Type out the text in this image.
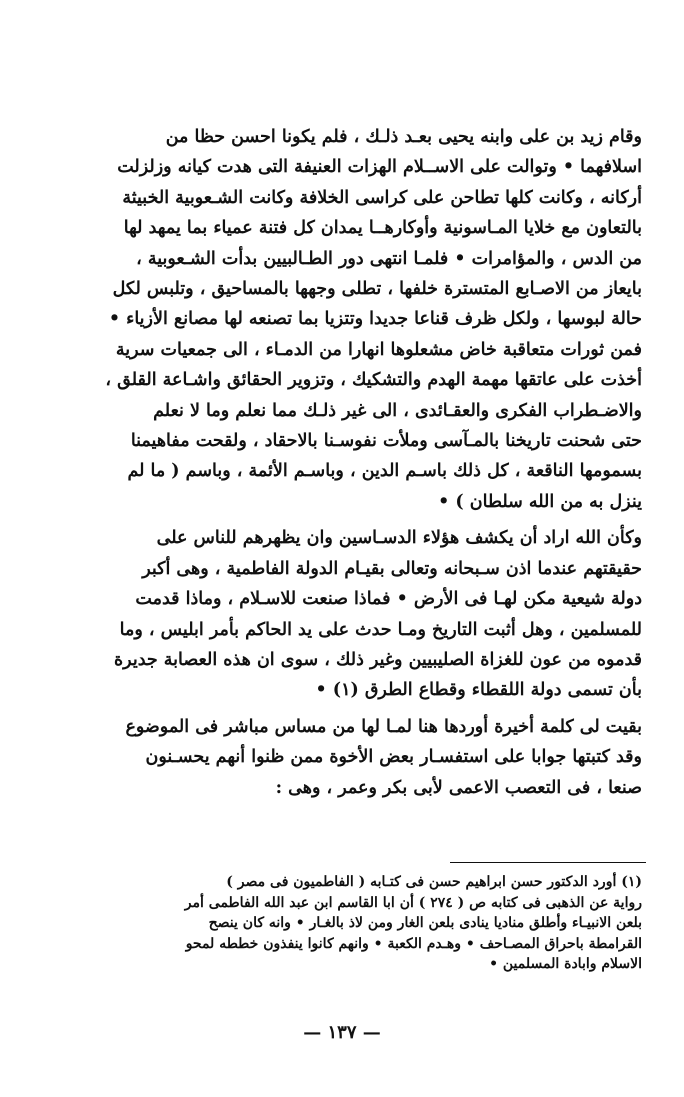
وقام زيد بن على وابنه يحيى بعـد ذلـك ، فلم يكونا احسن حظا من

اسلافهما • وتوالت على الاســلام الهزات العنيفة التى هدت كيانه وزلزلت

أركانه ، وكانت كلها تطاحن على كراسى الخلافة وكانت الشـعوبية الخبيثة

بالتعاون مع خلايا المـاسونية وأوكارهــا يمدان كل فتنة عمياء بما يمهد لها

من الدس ، والمؤامرات • فلمـا انتهى دور الطـالبيين بدأت الشـعوبية ،

بايعاز من الاصـابع المتسترة خلفها ، تطلى وجهها بالمساحيق ، وتلبس لكل

حالة لبوسها ، ولكل ظرف قناعا جديدا وتتزيا بما تصنعه لها مصانع الأزياء •

فمن ثورات متعاقبة خاض مشعلوها انهارا من الدمـاء ، الى جمعيات سرية

أخذت على عاتقها مهمة الهدم والتشكيك ، وتزوير الحقائق واشـاعة القلق ،

والاضـطراب الفكرى والعقـائدى ، الى غير ذلـك مما نعلم وما لا نعلم

حتى شحنت تاريخنا بالمـآسى وملأت نفوسـنا بالاحقاد ، ولقحت مفاهيمنا

بسمومها الناقعة ، كل ذلك باسـم الدين ، وباسـم الأئمة ، وباسم ( ما لم

ينزل به من الله سلطان ) •

وكأن الله اراد أن يكشف هؤلاء الدسـاسين وان يظهرهم للناس على

حقيقتهم عندما اذن سـبحانه وتعالى بقيـام الدولة الفاطمية ، وهى أكبر

دولة شيعية مكن لهـا فى الأرض • فماذا صنعت للاسـلام ، وماذا قدمت

للمسلمين ، وهل أثبت التاريخ ومـا حدث على يد الحاكم بأمر ابليس ، وما

قدموه من عون للغزاة الصليبيين وغير ذلك ، سوى ان هذه العصابة جديرة

بأن تسمى دولة اللقطاء وقطاع الطرق (١) •

بقيت لى كلمة أخيرة أوردها هنا لمـا لها من مساس مباشر فى الموضوع

وقد كتبتها جوابا على استفسـار بعض الأخوة ممن ظنوا أنهم يحسـنون

صنعا ، فى التعصب الاعمى لأبى بكر وعمر ، وهى :

(١) أورد الدكتور حسن ابراهيم حسن فى كتـابه ( الفاطميون فى مصر )

رواية عن الذهبى فى كتابه ص ( ٢٧٤ ) أن ابا القاسم ابن عبد الله الفاطمى أمر

بلعن الانبيـاء وأطلق مناديا ينادى بلعن الغار ومن لاذ بالغـار • وانه كان ينصح

القرامطة باحراق المصـاحف • وهـدم الكعبة • وانهم كانوا ينفذون خططه لمحو

الاسلام وابادة المسلمين •

— ١٣٧ —
